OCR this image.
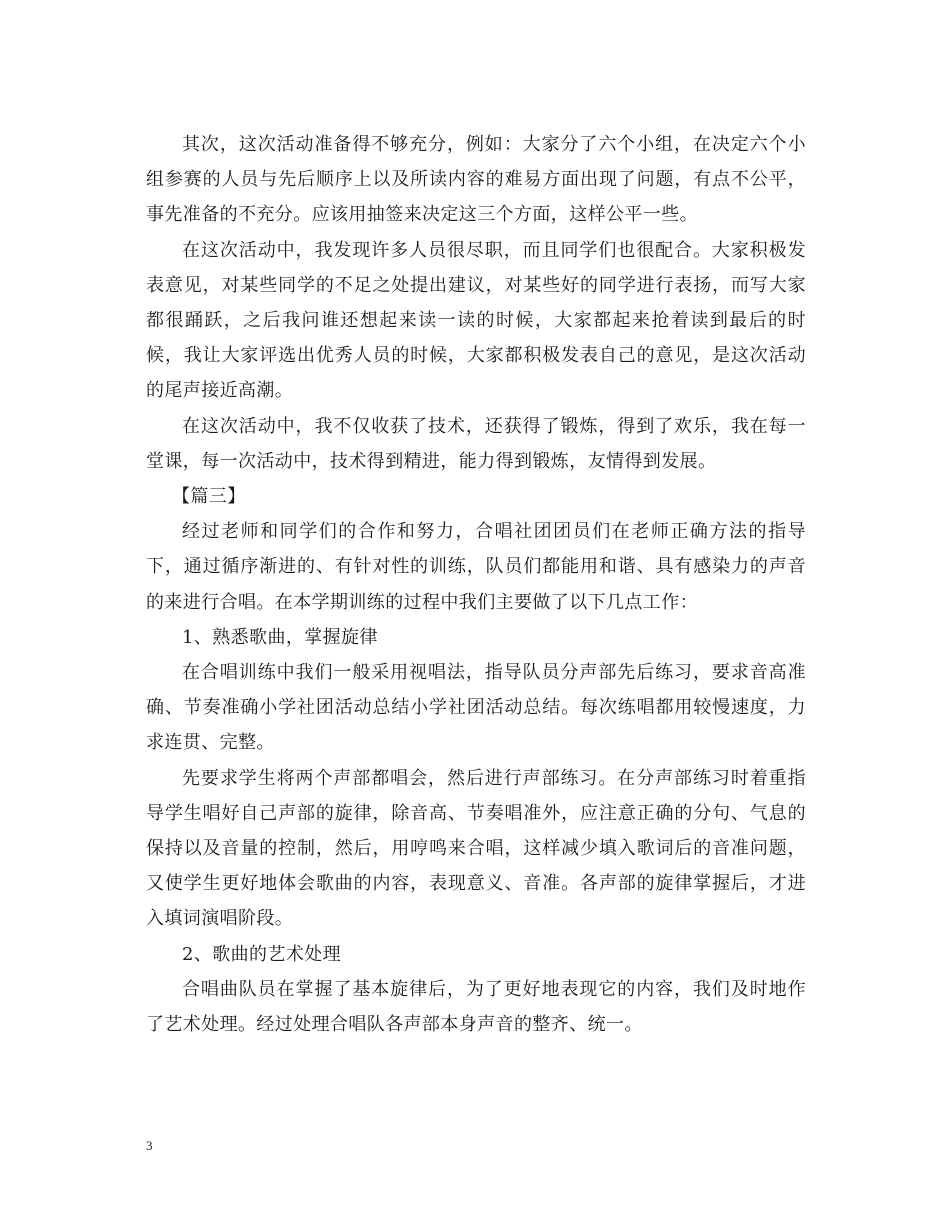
其次，这次活动准备得不够充分，例如：大家分了六个小组，在决定六个小组参赛的人员与先后顺序上以及所读内容的难易方面出现了问题，有点不公平，事先准备的不充分。应该用抽签来决定这三个方面，这样公平一些。

在这次活动中，我发现许多人员很尽职，而且同学们也很配合。大家积极发表意见，对某些同学的不足之处提出建议，对某些好的同学进行表扬，而写大家都很踊跃，之后我问谁还想起来读一读的时候，大家都起来抢着读到最后的时候，我让大家评选出优秀人员的时候，大家都积极发表自己的意见，是这次活动的尾声接近高潮。

在这次活动中，我不仅收获了技术，还获得了锻炼，得到了欢乐，我在每一堂课，每一次活动中，技术得到精进，能力得到锻炼，友情得到发展。

【篇三】

经过老师和同学们的合作和努力，合唱社团团员们在老师正确方法的指导下，通过循序渐进的、有针对性的训练，队员们都能用和谐、具有感染力的声音的来进行合唱。在本学期训练的过程中我们主要做了以下几点工作：

1、熟悉歌曲，掌握旋律

在合唱训练中我们一般采用视唱法，指导队员分声部先后练习，要求音高准确、节奏准确小学社团活动总结小学社团活动总结。每次练唱都用较慢速度，力求连贯、完整。

先要求学生将两个声部都唱会，然后进行声部练习。在分声部练习时着重指导学生唱好自己声部的旋律，除音高、节奏唱准外，应注意正确的分句、气息的保持以及音量的控制，然后，用哼鸣来合唱，这样减少填入歌词后的音准问题，又使学生更好地体会歌曲的内容，表现意义、音准。各声部的旋律掌握后，才进入填词演唱阶段。

2、歌曲的艺术处理

合唱曲队员在掌握了基本旋律后，为了更好地表现它的内容，我们及时地作了艺术处理。经过处理合唱队各声部本身声音的整齐、统一。

3
